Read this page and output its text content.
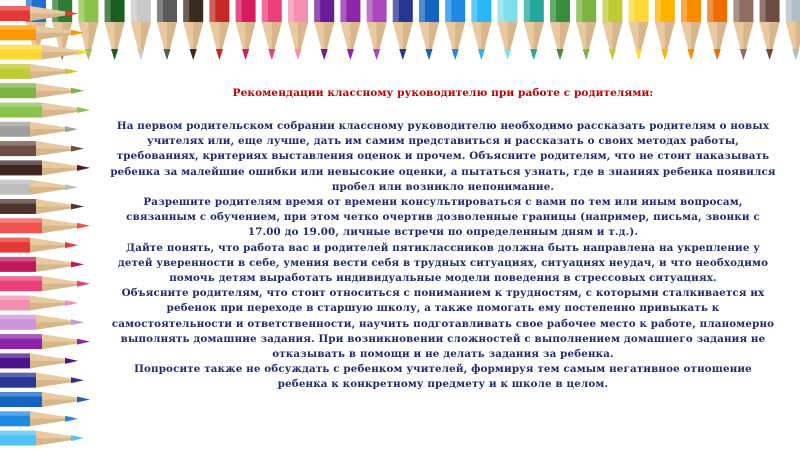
Рекомендации классному руководителю при работе с родителями:

На первом родительском собрании классному руководителю необходимо рассказать родителям о новых учителях или, еще лучше, дать им самим представиться и рассказать о своих методах работы, требованиях, критериях выставления оценок и прочем. Объясните родителям, что не стоит наказывать ребенка за малейшие ошибки или невысокие оценки, а пытаться узнать, где в знаниях ребенка появился пробел или возникло непонимание.

Разрешите родителям время от времени консультироваться с вами по тем или иным вопросам, связанным с обучением, при этом четко очертив дозволенные границы (например, письма, звонки с 17.00 до 19.00, личные встречи по определенным дням и т.д.).

Дайте понять, что работа вас и родителей пятиклассников должна быть направлена на укрепление у детей уверенности в себе, умения вести себя в трудных ситуациях, ситуациях неудач, и что необходимо помочь детям выработать индивидуальные модели поведения в стрессовых ситуациях.

Объясните родителям, что стоит относиться с пониманием к трудностям, с которыми сталкивается их ребенок при переходе в старшую школу, а также помогать ему постепенно привыкать к самостоятельности и ответственности, научить подготавливать свое рабочее место к работе, планомерно выполнять домашние задания. При возникновении сложностей с выполнением домашнего задания не отказывать в помощи и не делать задания за ребенка.

Попросите также не обсуждать с ребенком учителей, формируя тем самым негативное отношение ребенка к конкретному предмету и к школе в целом.
